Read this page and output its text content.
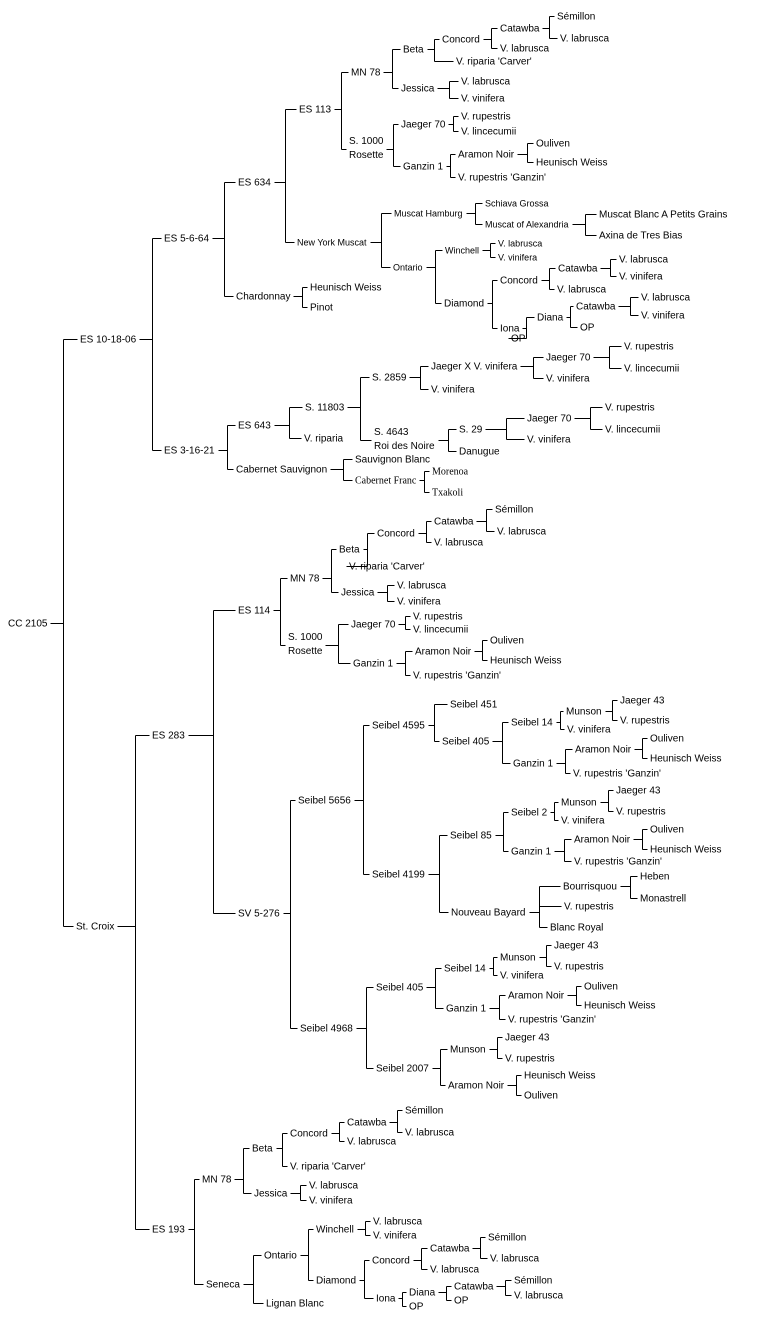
CC 2105
ES 10-18-06
ES 5-6-64
ES 634
ES 113
MN 78
Beta
Concord
Catawba
Sémillon
V. labrusca
V. labrusca
V. riparia 'Carver'
Jessica
V. labrusca
V. vinifera
S. 1000 Rosette
Jaeger 70
V. rupestris
V. lincecumii
Ganzin 1
Aramon Noir
Ouliven
Heunisch Weiss
V. rupestris 'Ganzin'
New York Muscat
Muscat Hamburg
Schiava Grossa
Muscat of Alexandria
Muscat Blanc A Petits Grains
Axina de Tres Bias
Ontario
Winchell
V. labrusca
V. vinifera
Diamond
Concord
Catawba
V. labrusca
V. vinifera
V. labrusca
Iona
Diana
Catawba
V. labrusca
V. vinifera
OP
OP
Chardonnay
Heunisch Weiss
Pinot
ES 3-16-21
ES 643
S. 11803
S. 2859
Jaeger X V. vinifera
Jaeger 70
V. rupestris
V. lincecumii
V. vinifera
V. vinifera
S. 4643 Roi des Noire
S. 29
Jaeger 70
V. rupestris
V. lincecumii
V. vinifera
Danugue
V. riparia
Cabernet Sauvignon
Sauvignon Blanc
Cabernet Franc
Morenoa
Txakoli
St. Croix
ES 283
ES 114
MN 78
Beta
Concord
Catawba
Sémillon
V. labrusca
V. labrusca
V. riparia 'Carver'
Jessica
V. labrusca
V. vinifera
S. 1000 Rosette
Jaeger 70
V. rupestris
V. lincecumii
Ganzin 1
Aramon Noir
Ouliven
Heunisch Weiss
V. rupestris 'Ganzin'
SV 5-276
Seibel 5656
Seibel 4595
Seibel 451
Seibel 405
Seibel 14
Munson
Jaeger 43
V. rupestris
V. vinifera
Ganzin 1
Aramon Noir
Ouliven
Heunisch Weiss
V. rupestris 'Ganzin'
Seibel 4199
Seibel 85
Seibel 2
Munson
Jaeger 43
V. rupestris
V. vinifera
Ganzin 1
Aramon Noir
Ouliven
Heunisch Weiss
V. rupestris 'Ganzin'
Nouveau Bayard
Bourrisquou
Heben
Monastrell
V. rupestris
Blanc Royal
Seibel 4968
Seibel 405
Seibel 14
Munson
Jaeger 43
V. rupestris
V. vinifera
Ganzin 1
Aramon Noir
Ouliven
Heunisch Weiss
V. rupestris 'Ganzin'
Seibel 2007
Munson
Jaeger 43
V. rupestris
Aramon Noir
Heunisch Weiss
Ouliven
ES 193
MN 78
Beta
Concord
Catawba
Sémillon
V. labrusca
V. labrusca
V. riparia 'Carver'
Jessica
V. labrusca
V. vinifera
Seneca
Ontario
Winchell
V. labrusca
V. vinifera
Diamond
Concord
Catawba
Sémillon
V. labrusca
V. labrusca
Iona
Diana
Catawba
Sémillon
V. labrusca
OP
OP
Lignan Blanc
